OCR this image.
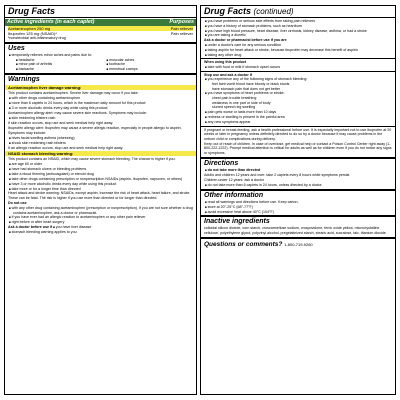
Drug Facts
Active ingredients (in each caplet)	Purposes
Acetaminophen 250 mg	Pain reliever
Ibuprofen 125 mg (NSAID)*	Pain reliever
*nonsteroidal anti-inflammatory drug
Uses
■ temporarily relieves minor aches and pains due to:
■ headache	■ muscular aches
■ minor pain of arthritis	■ toothache
■ backache	■ menstrual cramps
Warnings
Acetaminophen liver damage warning:
This product contains acetaminophen. Severe liver damage may occur if you take:
■ with other drugs containing acetaminophen
■ more than 6 caplets in 24 hours, which is the maximum daily amount for this product
■ 3 or more alcoholic drinks every day while using this product
Acetaminophen allergy alert: may cause severe skin reactions. Symptoms may include:
■ skin reddening blisters rash
If skin reaction occurs, stop use and seek medical help right away.
Ibuprofen allergy alert: Ibuprofen may cause a severe allergic reaction, especially in people allergic to aspirin.
Symptoms may include:
■ hives facial swelling asthma (wheezing)
■ shock skin reddening rash blisters
If an allergic reaction occurs, stop use and seek medical help right away.
NSAID stomach bleeding warning:
This product contains an NSAID, which may cause severe stomach bleeding. The chance is higher if you:
■ are age 60 or older
■ have had stomach ulcers or bleeding problems
■ take a blood thinning (anticoagulant) or steroid drug
■ take other drugs containing prescription or nonprescription NSAIDs (aspirin, ibuprofen, naproxen, or others)
■ have 3 or more alcoholic drinks every day while using this product
■ take more or for a longer time than directed
Heart attack and stroke warning: NSAIDs, except aspirin, increase the risk of heart attack, heart failure, and stroke. These can be fatal. The risk is higher if you use more than directed or for longer than directed.
Do not use
■ with any other drug containing acetaminophen (prescription or nonprescription). If you are not sure whether a drug contains acetaminophen, ask a doctor or pharmacist.
■ if you have ever had an allergic reaction to acetaminophen or any other pain reliever
■ right before or after heart surgery
Ask a doctor before use if ■ you have liver disease
■ stomach bleeding warning applies to you
Drug Facts (continued)
■ you have problems or serious side effects from taking pain relievers
■ you have a history of stomach problems, such as heartburn
■ you have high blood pressure, heart disease, liver cirrhosis, kidney disease, asthma, or had a stroke
■ you are taking a diuretic
Ask a doctor or pharmacist before use if you are
■ under a doctor's care for any serious condition
■ taking aspirin for heart attack or stroke, because ibuprofen may decrease this benefit of aspirin
■ taking any other drug
When using this product
■ take with food or milk if stomach upset occurs
Stop use and ask a doctor if
■ you experience any of the following signs of stomach bleeding:
feel faint vomit blood have bloody or black stools
have stomach pain that does not get better
■ you have symptoms of heart problems or stroke:
chest pain trouble breathing
weakness in one part or side of body
slurred speech leg swelling
■ pain gets worse or lasts more than 10 days
■ redness or swelling is present in the painful area
■ any new symptoms appear
If pregnant or breast-feeding, ask a health professional before use. It is especially important not to use ibuprofen at 20 weeks or later in pregnancy unless definitely directed to do so by a doctor because it may cause problems in the unborn child or complications during delivery.
Keep out of reach of children. In case of overdose, get medical help or contact a Poison Control Center right away (1-800-222-1222). Prompt medical attention is critical for adults as well as for children even if you do not notice any signs or symptoms.
Directions
■ do not take more than directed
Adults and children 12 years and over: take 2 caplets every 8 hours while symptoms persist
Children under 12 years: ask a doctor
■ do not take more than 6 caplets in 24 hours, unless directed by a doctor
Other information
■ read all warnings and directions before use. Keep carton.
■ store at 20°-25°C (68°-77°F)
■ avoid excessive heat above 40°C (104°F)
Inactive ingredients
colloidal silicon dioxide, corn starch, croscarmellose sodium, crospovidone, ferric oxide yellow, microcrystalline cellulose, polyethylene glycol, polyvinyl alcohol, pregelatinized starch, stearic acid, sucralose, talc, titanium dioxide
Questions or comments? 1-800-719-9260
